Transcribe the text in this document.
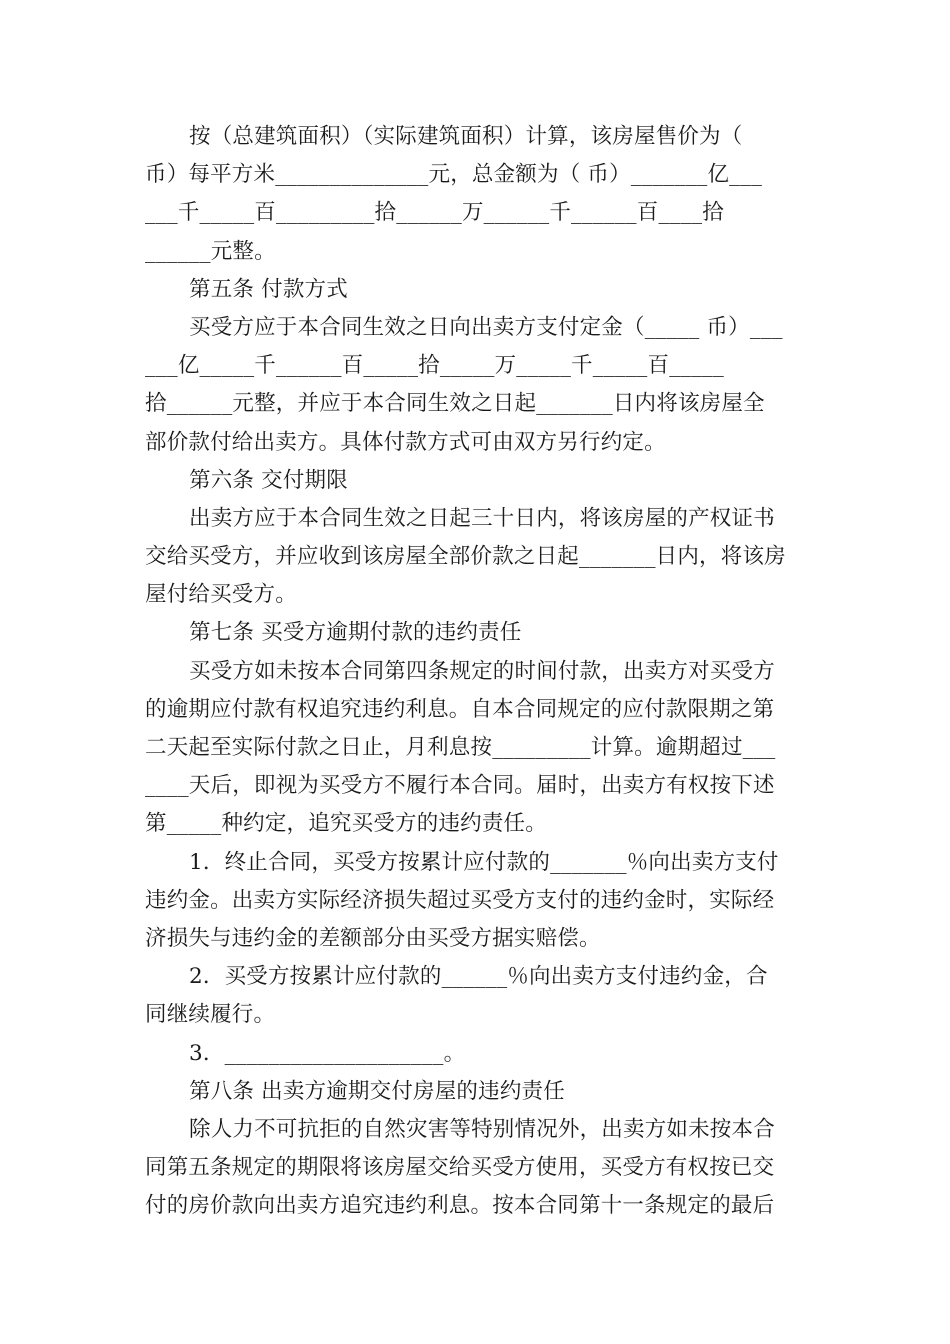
按（总建筑面积）（实际建筑面积）计算，该房屋售价为（
币）每平方米______________元，总金额为（ 币）_______亿___
___千_____百_________拾______万______千______百____拾
______元整。
第五条 付款方式
买受方应于本合同生效之日向出卖方支付定金（_____ 币）___
___亿_____千______百_____拾_____万_____千_____百_____
拾______元整，并应于本合同生效之日起_______日内将该房屋全
部价款付给出卖方。具体付款方式可由双方另行约定。
第六条 交付期限
出卖方应于本合同生效之日起三十日内，将该房屋的产权证书
交给买受方，并应收到该房屋全部价款之日起_______日内，将该房
屋付给买受方。
第七条 买受方逾期付款的违约责任
买受方如未按本合同第四条规定的时间付款，出卖方对买受方
的逾期应付款有权追究违约利息。自本合同规定的应付款限期之第
二天起至实际付款之日止，月利息按_________计算。逾期超过___
____天后，即视为买受方不履行本合同。届时，出卖方有权按下述
第_____种约定，追究买受方的违约责任。
1．终止合同，买受方按累计应付款的_______％向出卖方支付
违约金。出卖方实际经济损失超过买受方支付的违约金时，实际经
济损失与违约金的差额部分由买受方据实赔偿。
2．买受方按累计应付款的______％向出卖方支付违约金，合
同继续履行。
3．____________________。
第八条 出卖方逾期交付房屋的违约责任
除人力不可抗拒的自然灾害等特别情况外，出卖方如未按本合
同第五条规定的期限将该房屋交给买受方使用，买受方有权按已交
付的房价款向出卖方追究违约利息。按本合同第十一条规定的最后
